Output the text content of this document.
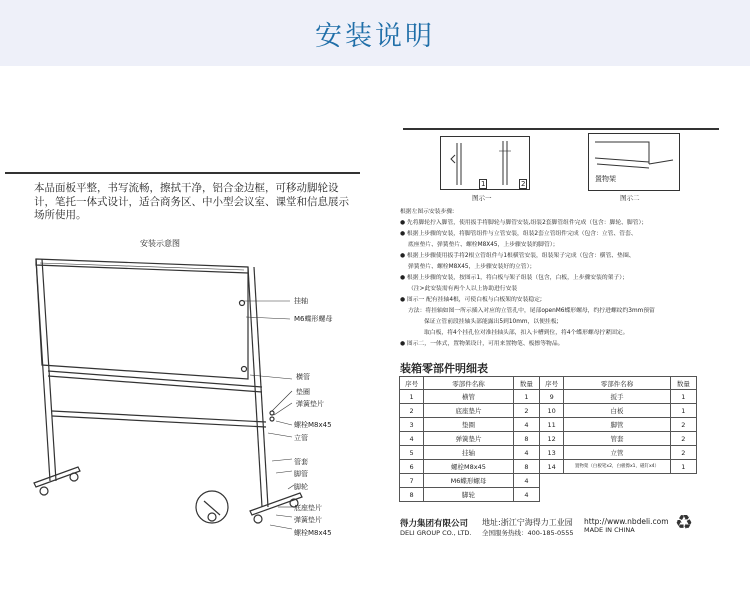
安装说明
本品面板平整，书写流畅，擦拭干净，铝合金边框，可移动脚轮设计，笔托一体式设计，适合商务区、中小型会议室、课堂和信息展示场所使用。
安装示意图
挂轴
M6蝶形螺母
横管
垫圈
弹簧垫片
螺栓M8x45
立管
管套
脚管
脚轮
底座垫片
弹簧垫片
螺栓M8x45
1	2
图示一
置物架
图示二
根据左图示安装步骤:
● 先将脚轮拧入脚管，使用扳手将脚轮与脚管安装,组装2套脚管组件完成（包含：脚轮、脚管）；
● 根据上步骤的安装，将脚管组件与立管安装，组装2套立管组件完成（包含：立管、管套、
底座垫片、弹簧垫片、螺栓M8X45，上步骤安装的脚管）；
● 根据上步骤使用扳手将2根立管组件与1根横管安装，组装架子完成（包含：横管、垫圈、
弹簧垫片、螺栓M8X45，上步骤安装好的立管）；
● 根据上步骤的安装，按图示1，将白板与架子组装（包含，白板，上步骤安装的架子）；
（注>此安装需有两个人以上协助进行安装
● 图示一 配有挂轴4根，可使白板与白板架的安装稳定;
方法：将挂轴如图一所示插入对应的立管孔中，尾部openM6蝶形螺母，约拧进螺纹约3mm预留
保证立管前段挂轴头部能露出5到10mm，以便挂板;
取白板，将4个挂孔位对准挂轴头部，扣入卡槽到位，将4个蝶形螺母拧紧固定。
● 图示二，一体式，置物架设计，可用来置物笔、板擦等物品。
装箱零部件明细表
序号	零部件名称	数量	序号	零部件名称	数量
1	横管	1	9	扳手	1
2	底座垫片	2	10	白板	1
3	垫圈	4	11	脚管	2
4	弹簧垫片	8	12	管套	2
5	挂轴	4	13	立管	2
6	螺栓M8x45	8	14	置物架（白板笔x2，白板擦x1，磁钉x4）	1
7	M6蝶形螺母	4			
8	脚轮	4			
得力集团有限公司
DELI GROUP CO., LTD.
地址:浙江宁海得力工业园
全国服务热线：400-185-0555
http://www.nbdeli.com
MADE IN CHINA	♻
